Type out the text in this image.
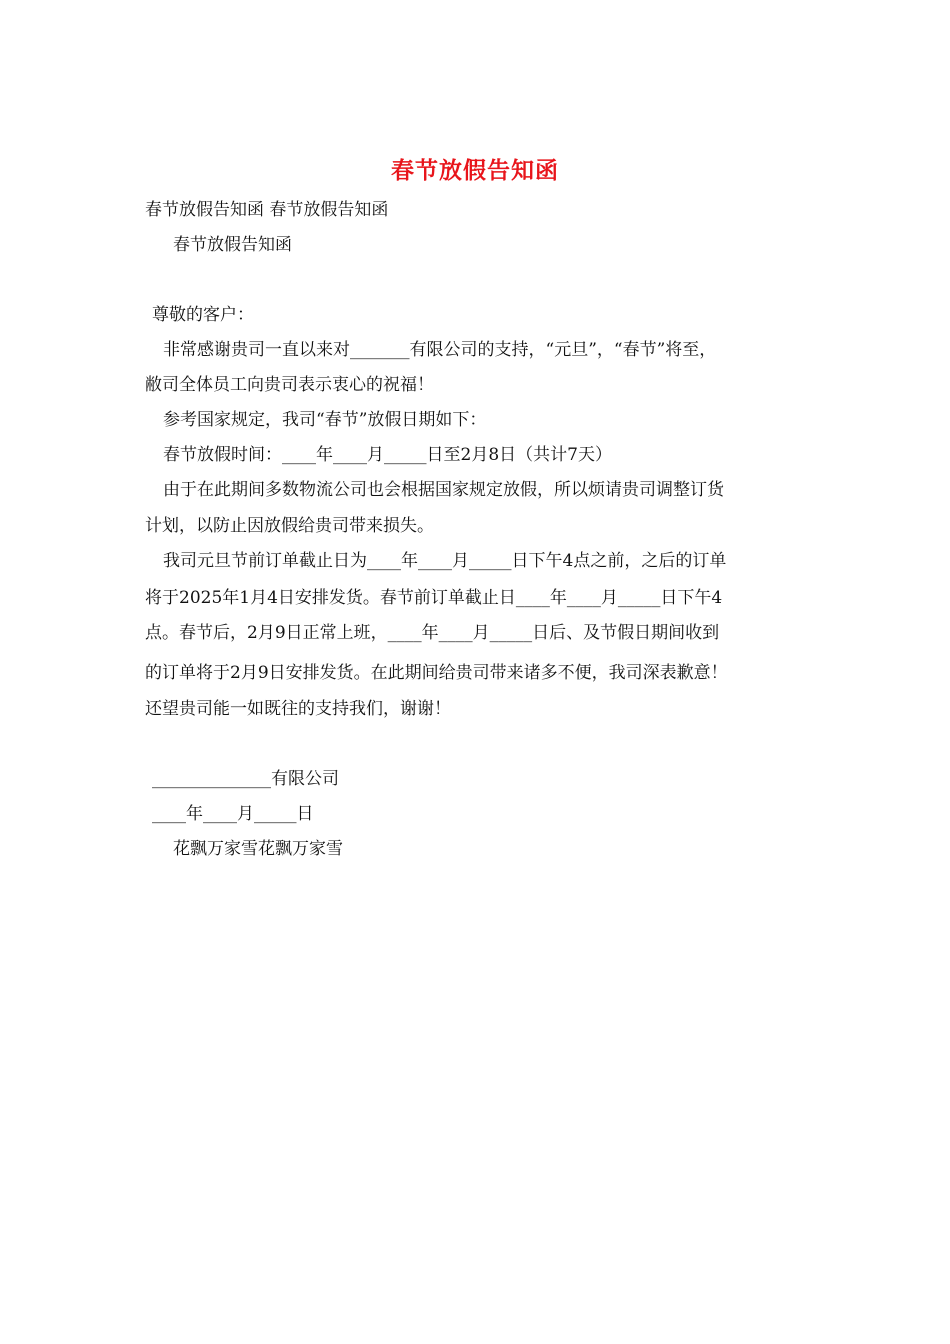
春节放假告知函
春节放假告知函 春节放假告知函
春节放假告知函
尊敬的客户：
非常感谢贵司一直以来对_______有限公司的支持，“元旦”，“春节”将至，
敝司全体员工向贵司表示衷心的祝福！
参考国家规定，我司“春节”放假日期如下：
春节放假时间：____年____月_____日至2月8日（共计7天）
由于在此期间多数物流公司也会根据国家规定放假，所以烦请贵司调整订货
计划，以防止因放假给贵司带来损失。
我司元旦节前订单截止日为____年____月_____日下午4点之前，之后的订单
将于2025年1月4日安排发货。春节前订单截止日____年____月_____日下午4
点。春节后，2月9日正常上班，____年____月_____日后、及节假日期间收到
的订单将于2月9日安排发货。在此期间给贵司带来诸多不便，我司深表歉意！
还望贵司能一如既往的支持我们，谢谢！
______________有限公司
____年____月_____日
花飘万家雪花飘万家雪
